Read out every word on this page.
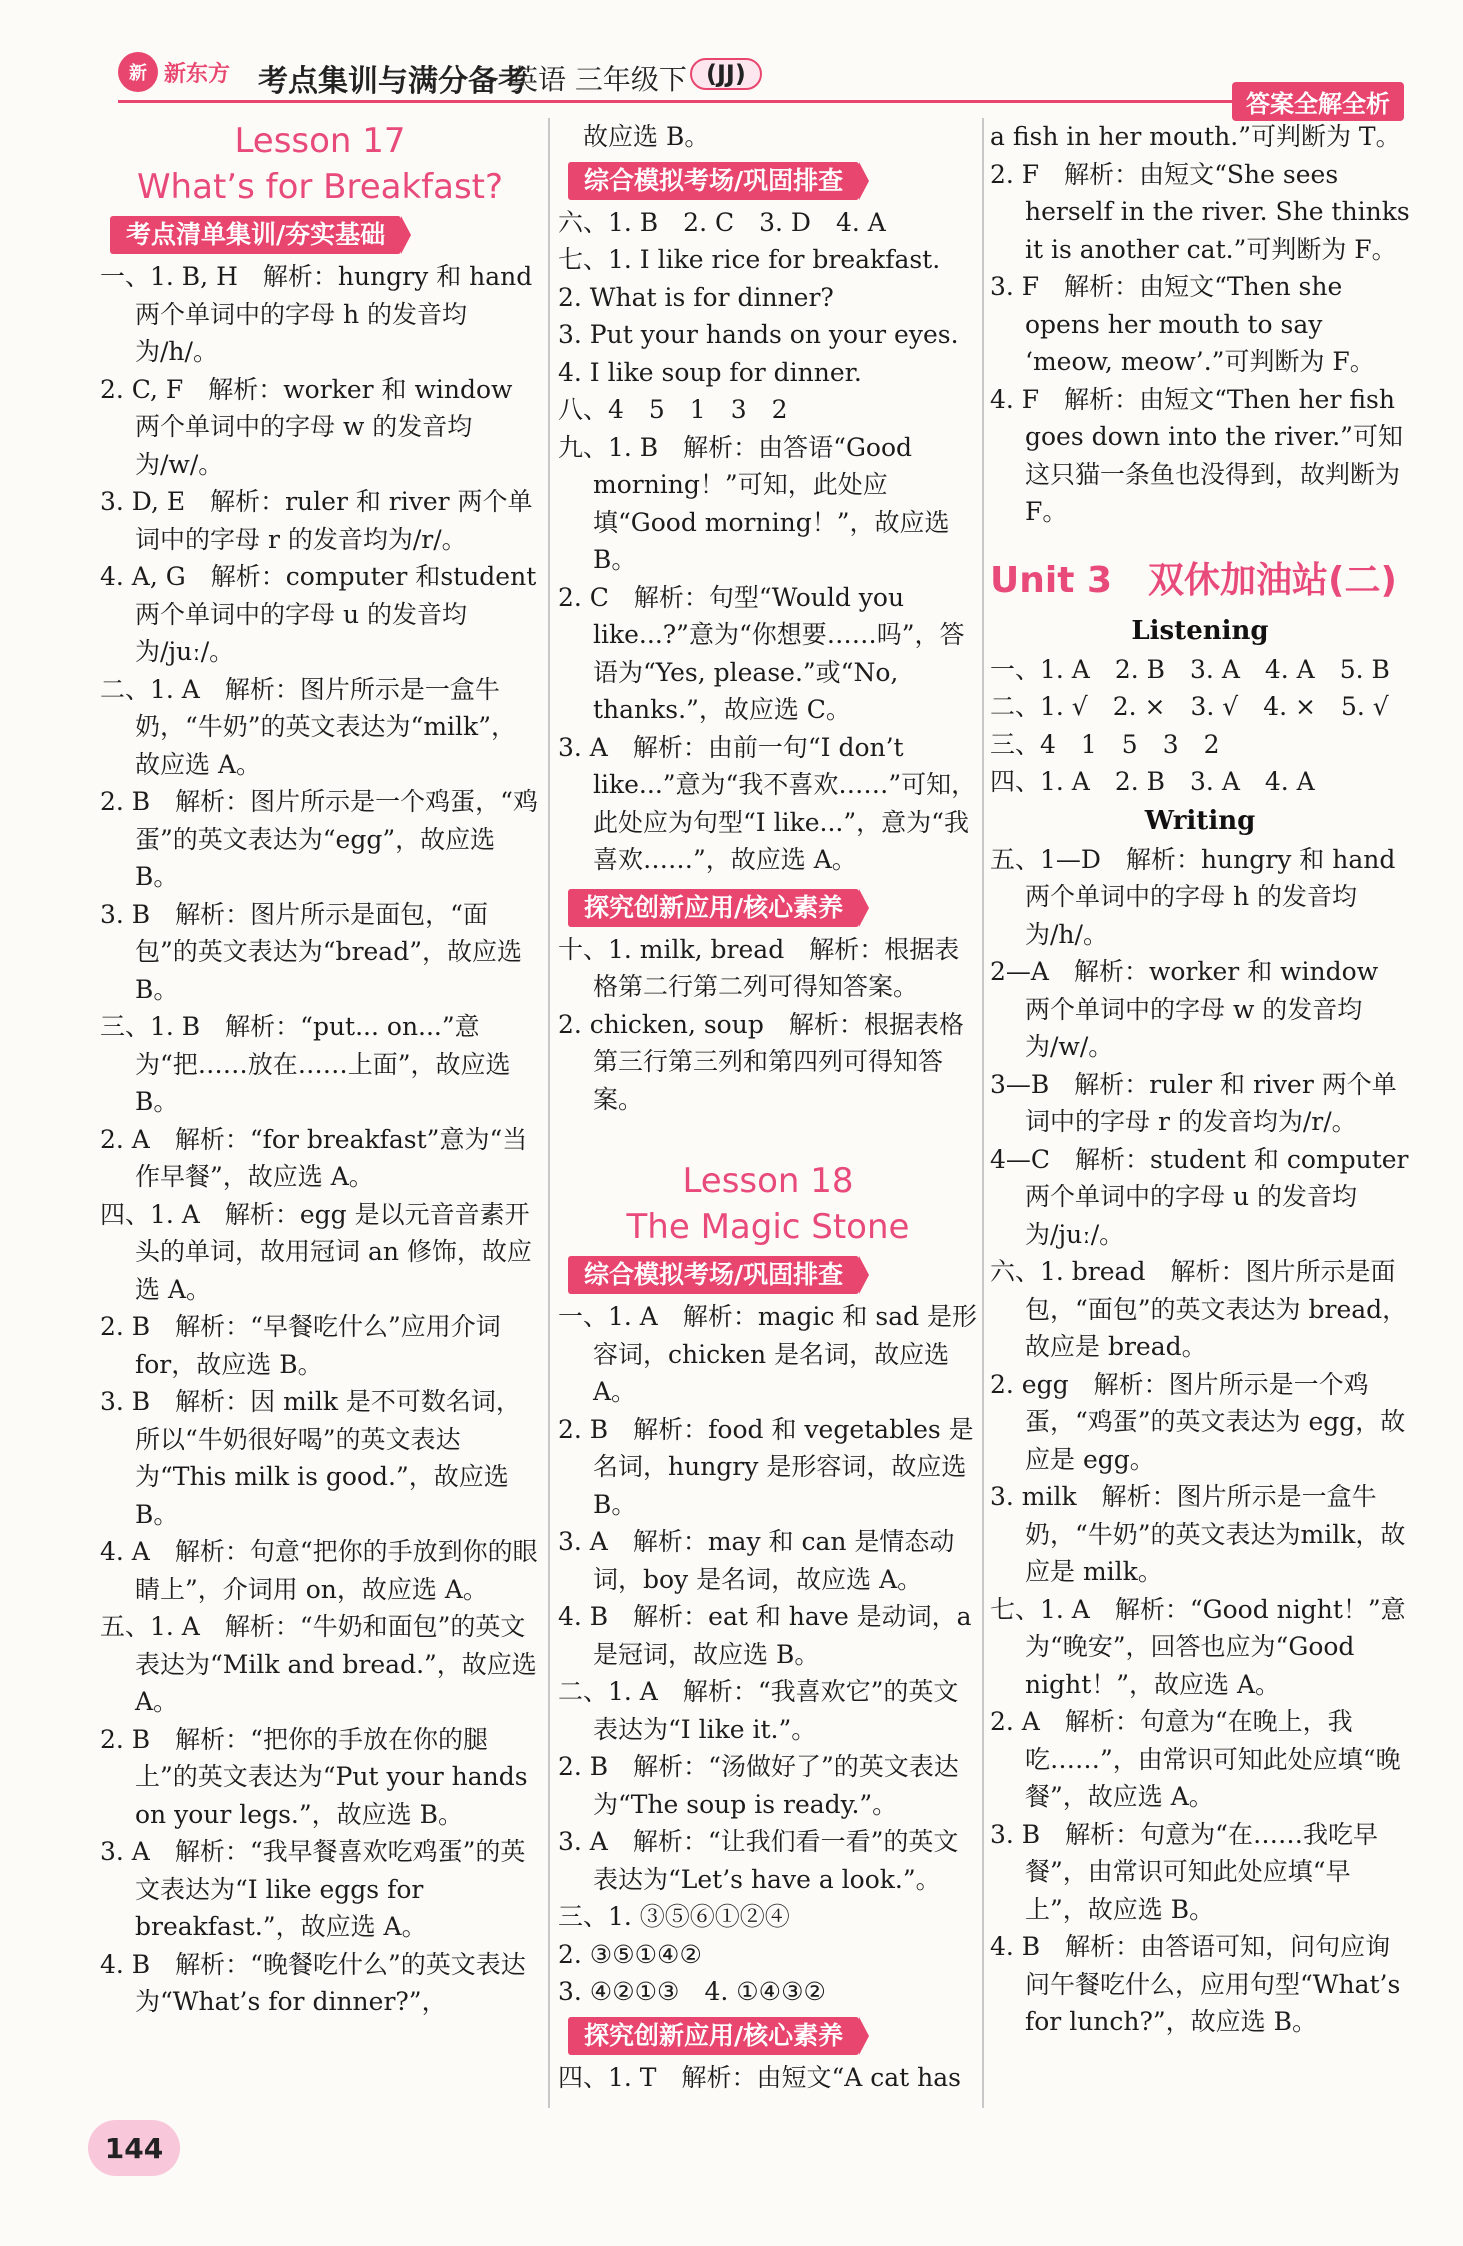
新 新东方 考点集训与满分备考
英语 三年级下 (JJ)
答案全解全析
Lesson 17
What’s for Breakfast?
考点清单集训/夯实基础

一、1. B, H　解析：hungry 和 hand 两个单词中的字母 h 的发音均为/h/。

2. C, F　解析：worker 和 window 两个单词中的字母 w 的发音均为/w/。

3. D, E　解析：ruler 和 river 两个单词中的字母 r 的发音均为/r/。

4. A, G　解析：computer 和student 两个单词中的字母 u 的发音均为/juː/。

二、1. A　解析：图片所示是一盒牛奶，“牛奶”的英文表达为“milk”，故应选 A。

2. B　解析：图片所示是一个鸡蛋，“鸡蛋”的英文表达为“egg”，故应选 B。

3. B　解析：图片所示是面包，“面包”的英文表达为“bread”，故应选 B。

三、1. B　解析：“put... on...”意为“把……放在……上面”，故应选 B。

2. A　解析：“for breakfast”意为“当作早餐”，故应选 A。

四、1. A　解析：egg 是以元音音素开头的单词，故用冠词 an 修饰，故应选 A。

2. B　解析：“早餐吃什么”应用介词 for，故应选 B。

3. B　解析：因 milk 是不可数名词，所以“牛奶很好喝”的英文表达为“This milk is good.”，故应选B。

4. A　解析：句意“把你的手放到你的眼睛上”，介词用 on，故应选 A。

五、1. A　解析：“牛奶和面包”的英文表达为“Milk and bread.”，故应选 A。

2. B　解析：“把你的手放在你的腿上”的英文表达为“Put your hands on your legs.”，故应选 B。

3. A　解析：“我早餐喜欢吃鸡蛋”的英文表达为“I like eggs for breakfast.”，故应选 A。

4. B　解析：“晚餐吃什么”的英文表达为“What’s for dinner?”，

故应选 B。

综合模拟考场/巩固排查

六、1. B　2. C　3. D　4. A

七、1. I like rice for breakfast.

2. What is for dinner?

3. Put your hands on your eyes.

4. I like soup for dinner.

八、4　5　1　3　2

九、1. B　解析：由答语“Good morning！”可知，此处应填“Good morning！”，故应选 B。

2. C　解析：句型“Would you like...?”意为“你想要……吗”，答语为“Yes, please.”或“No, thanks.”，故应选 C。

3. A　解析：由前一句“I don’t like...”意为“我不喜欢……”可知，此处应为句型“I like...”，意为“我喜欢……”，故应选 A。

探究创新应用/核心素养

十、1. milk, bread　解析：根据表格第二行第二列可得知答案。

2. chicken, soup　解析：根据表格第三行第三列和第四列可得知答案。

Lesson 18
The Magic Stone
综合模拟考场/巩固排查

一、1. A　解析：magic 和 sad 是形容词，chicken 是名词，故应选 A。

2. B　解析：food 和 vegetables 是名词，hungry 是形容词，故应选 B。

3. A　解析：may 和 can 是情态动词，boy 是名词，故应选 A。

4. B　解析：eat 和 have 是动词，a 是冠词，故应选 B。

二、1. A　解析：“我喜欢它”的英文表达为“I like it.”。

2. B　解析：“汤做好了”的英文表达为“The soup is ready.”。

3. A　解析：“让我们看一看”的英文表达为“Let’s have a look.”。

三、1. ③⑤⑥①②④

2. ③⑤①④②

3. ④②①③　4. ①④③②

探究创新应用/核心素养

四、1. T　解析：由短文“A cat has

a fish in her mouth.”可判断为 T。

2. F　解析：由短文“She sees herself in the river. She thinks it is another cat.”可判断为 F。

3. F　解析：由短文“Then she opens her mouth to say ‘meow, meow’.”可判断为 F。

4. F　解析：由短文“Then her fish goes down into the river.”可知这只猫一条鱼也没得到，故判断为 F。

Unit 3　双休加油站(二)
Listening

一、1. A　2. B　3. A　4. A　5. B

二、1. √　2. ×　3. √　4. ×　5. √

三、4　1　5　3　2

四、1. A　2. B　3. A　4. A

Writing

五、1—D　解析：hungry 和 hand 两个单词中的字母 h 的发音均为/h/。

2—A　解析：worker 和 window 两个单词中的字母 w 的发音均为/w/。

3—B　解析：ruler 和 river 两个单词中的字母 r 的发音均为/r/。

4—C　解析：student 和 computer 两个单词中的字母 u 的发音均为/juː/。

六、1. bread　解析：图片所示是面包，“面包”的英文表达为 bread，故应是 bread。

2. egg　解析：图片所示是一个鸡蛋，“鸡蛋”的英文表达为 egg，故应是 egg。

3. milk　解析：图片所示是一盒牛奶，“牛奶”的英文表达为milk，故应是 milk。

七、1. A　解析：“Good night！”意为“晚安”，回答也应为“Good night！”，故应选 A。

2. A　解析：句意为“在晚上，我吃……”，由常识可知此处应填“晚餐”，故应选 A。

3. B　解析：句意为“在……我吃早餐”，由常识可知此处应填“早上”，故应选 B。

4. B　解析：由答语可知，问句应询问午餐吃什么，应用句型“What’s for lunch?”，故应选 B。

144
